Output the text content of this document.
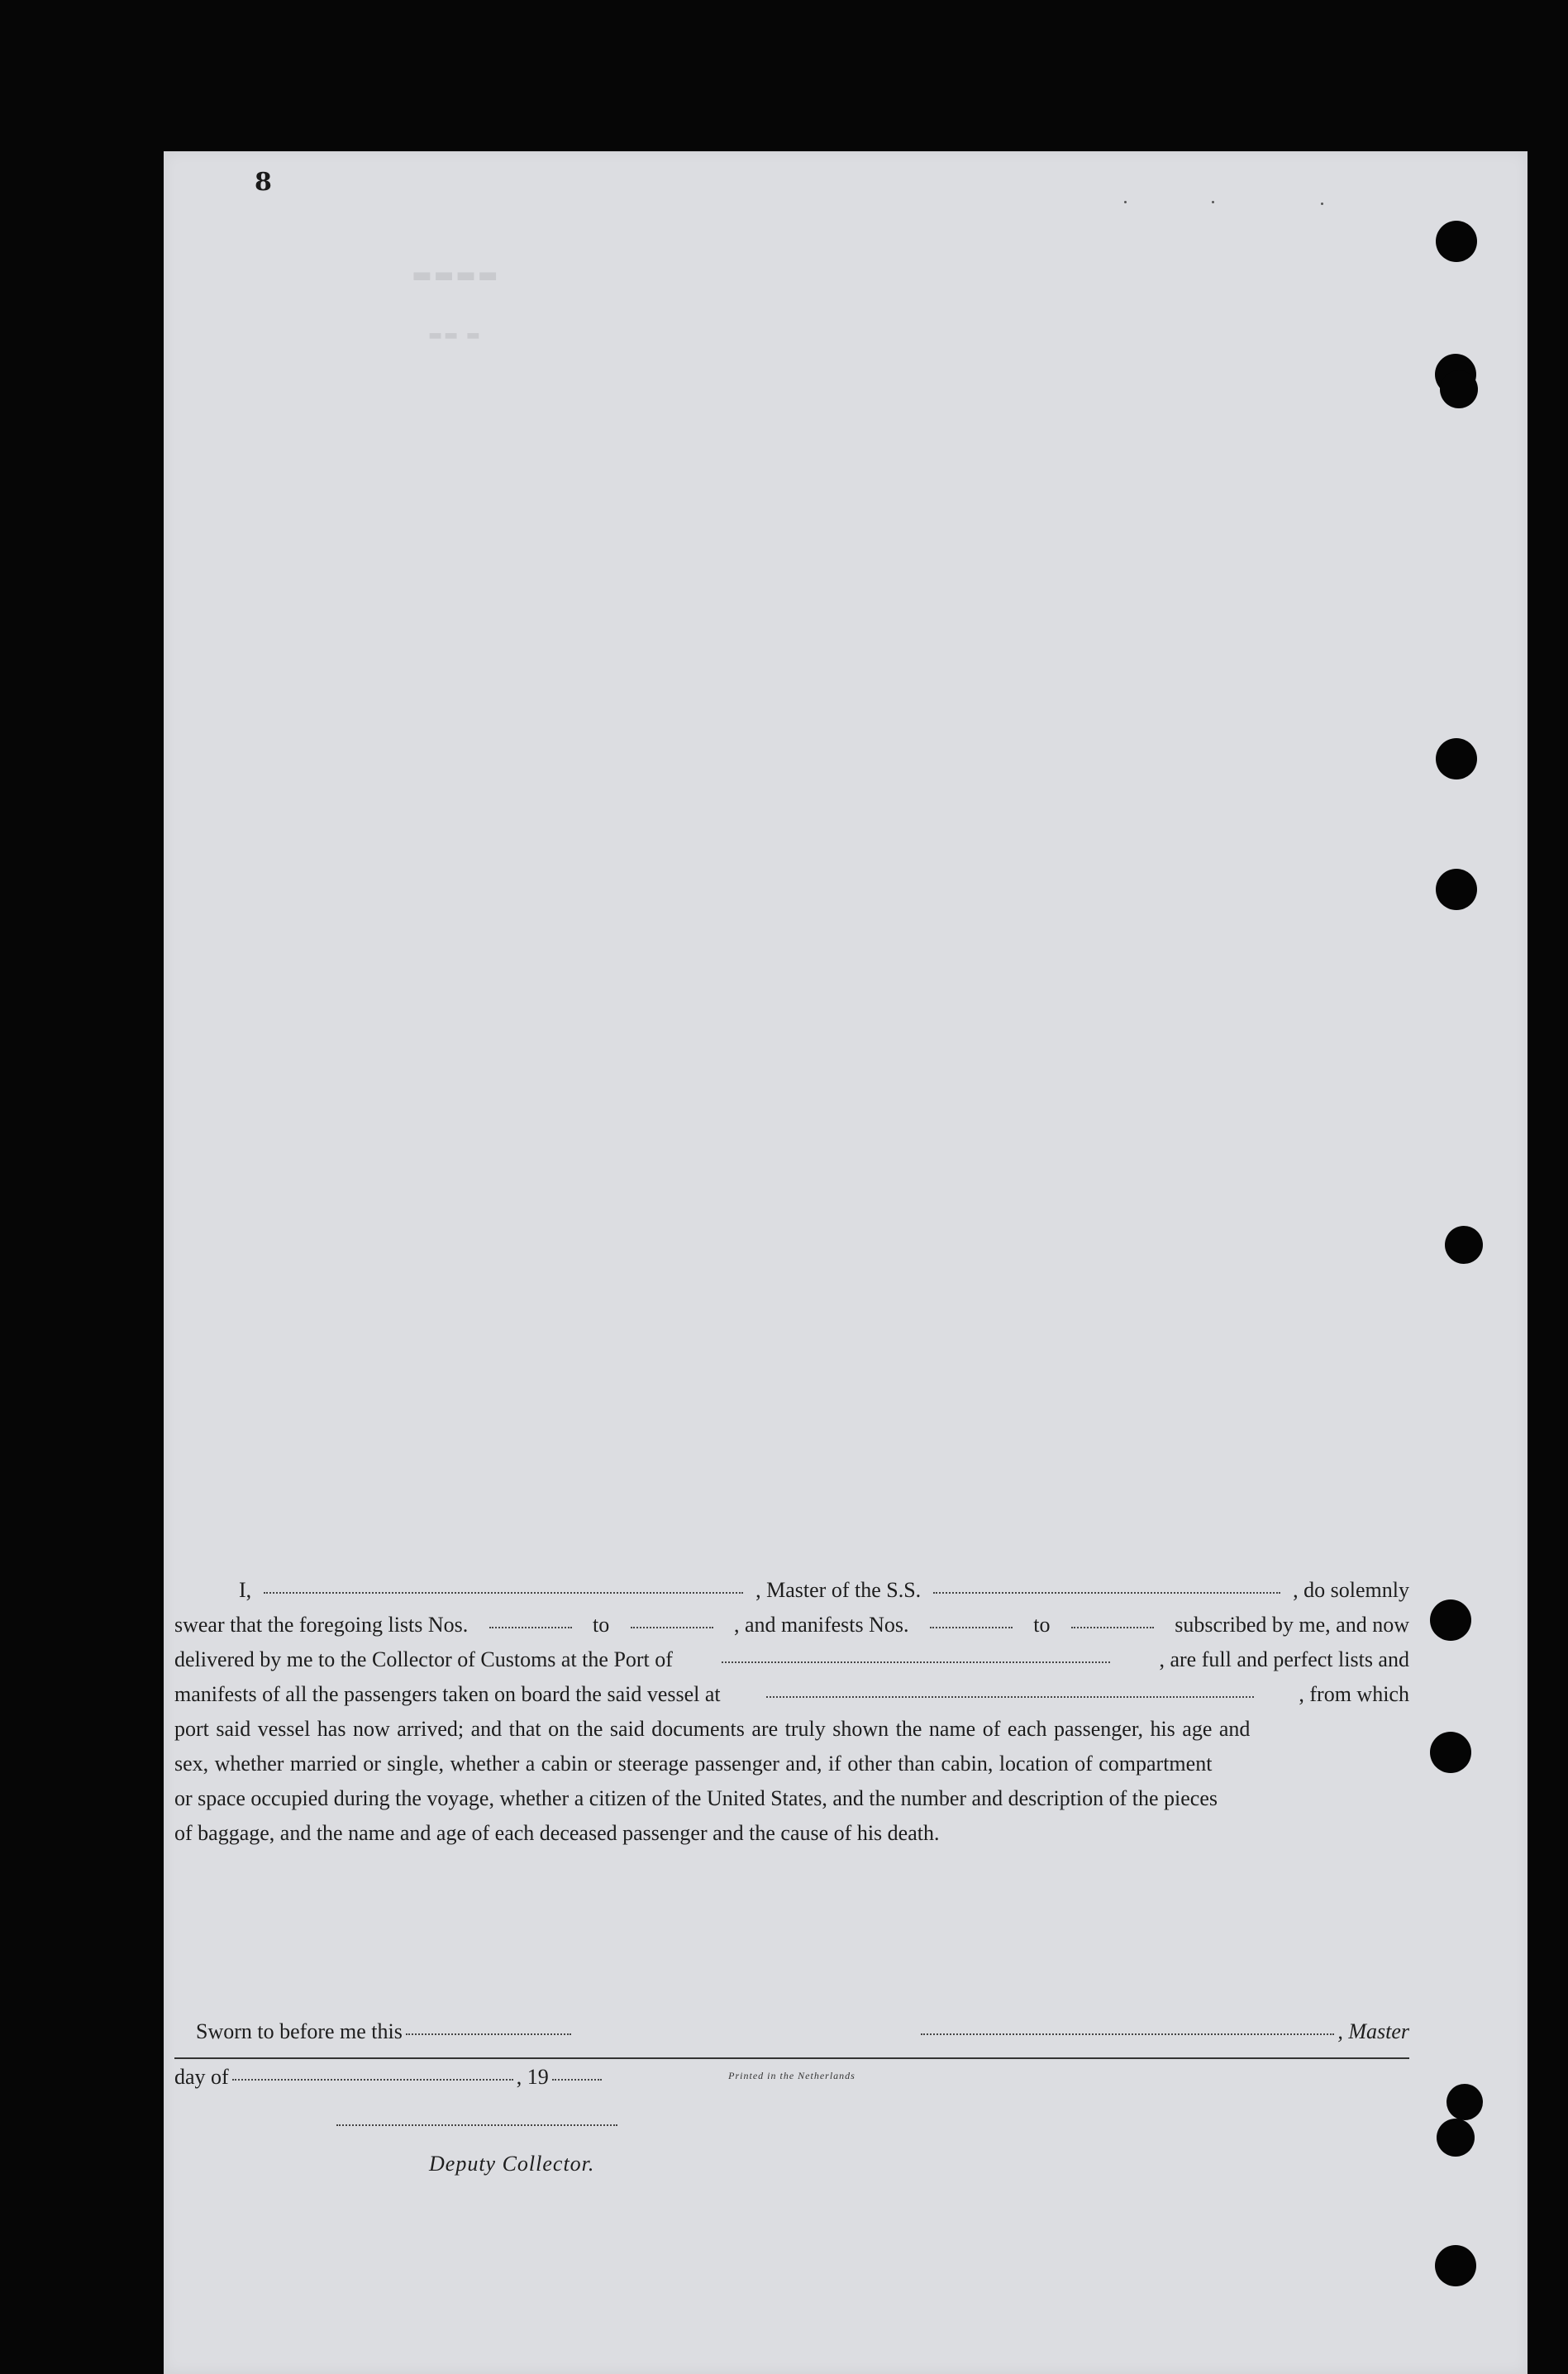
8
▬▬▬▬
▬▬ ▬
I,	, Master of the S.S.	, do solemnly
swear that the foregoing lists Nos.	to	, and manifests Nos.	to	subscribed by me, and now
delivered by me to the Collector of Customs at the Port of	, are full and perfect lists and
manifests of all the passengers taken on board the said vessel at	, from which
port said vessel has now arrived; and that on the said documents are truly shown the name of each passenger, his age and
sex, whether married or single, whether a cabin or steerage passenger and, if other than cabin, location of compartment
or space occupied during the voyage, whether a citizen of the United States, and the number and description of the pieces
of baggage, and the name and age of each deceased passenger and the cause of his death.
Sworn to before me this	, Master
day of	, 19
Deputy Collector.
Printed in the Netherlands
